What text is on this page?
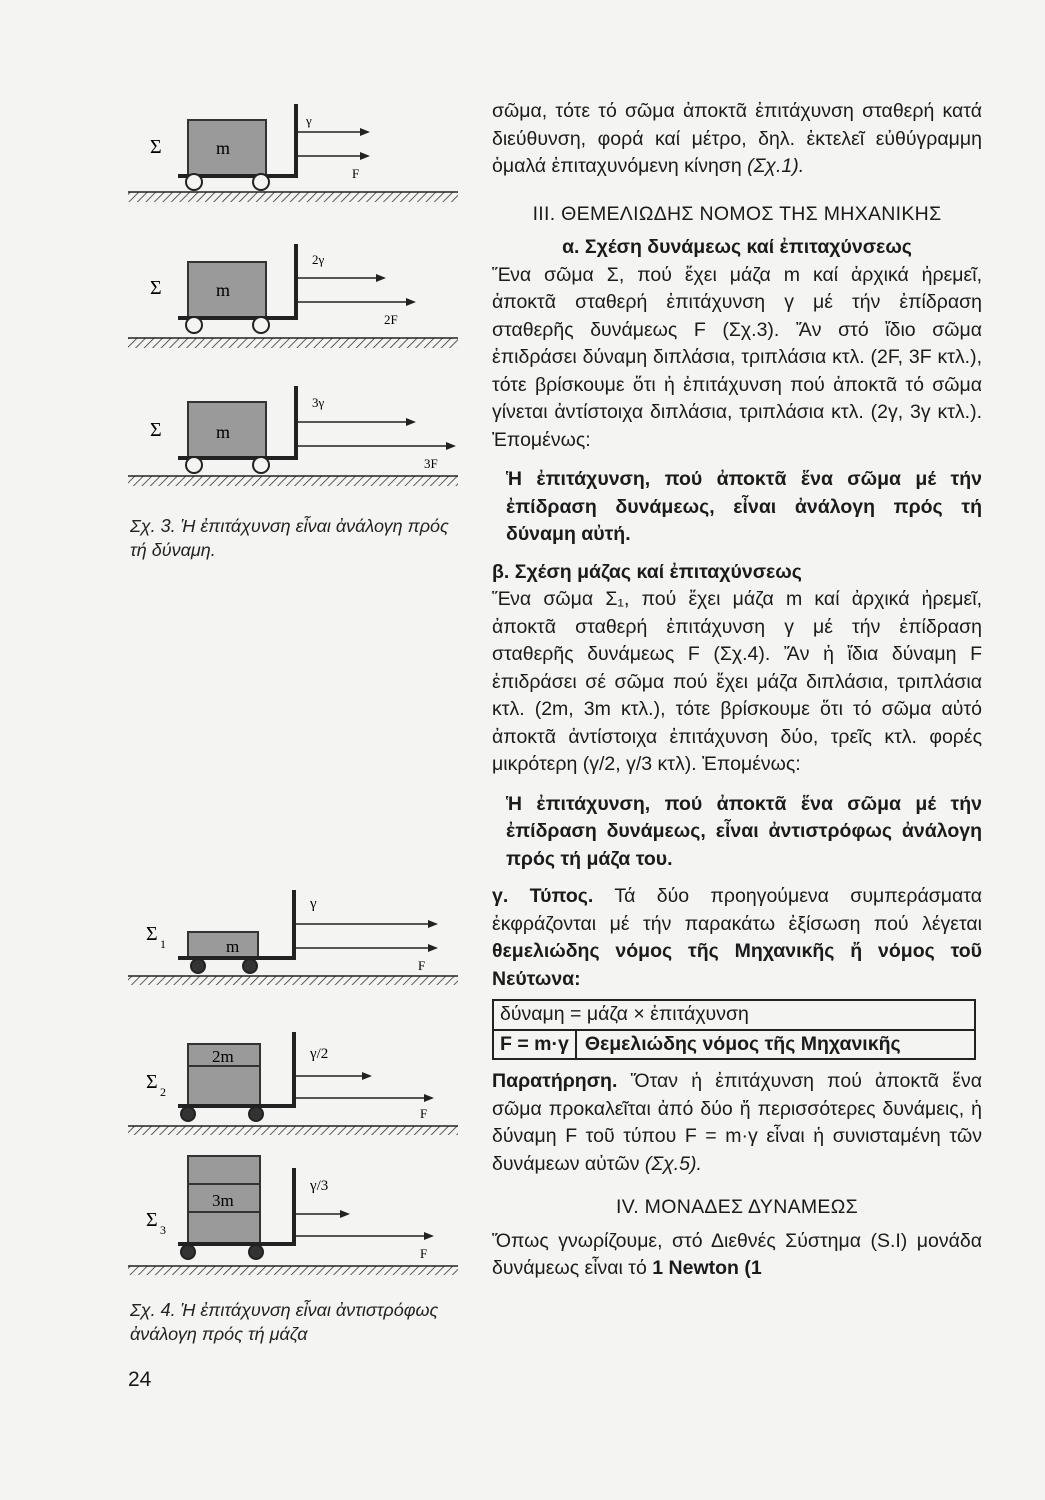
Σ	m
γ
F
Σ	m
2γ
2F
Σ	m
3γ
3F
Σχ. 3. Ἡ ἐπιτάχυνση εἶναι ἀνάλογη πρός τή δύναμη.
Σ 1	m
γ
F
Σ 2
2m	γ/2
F
Σ 3
3m
γ/3
F
Σχ. 4. Ἡ ἐπιτάχυνση εἶναι ἀντιστρόφως ἀνάλογη πρός τή μάζα

σῶμα, τότε τό σῶμα ἀποκτᾶ ἐπιτάχυνση σταθερή κατά διεύθυνση, φορά καί μέτρο, δηλ. ἐκτελεῖ εὐθύγραμμη ὁμαλά ἐπιταχυνόμενη κίνηση (Σχ.1).

ΙΙΙ. ΘΕΜΕΛΙΩΔΗΣ ΝΟΜΟΣ ΤΗΣ ΜΗΧΑΝΙΚΗΣ
α. Σχέση δυνάμεως καί ἐπιταχύνσεως

Ἕνα σῶμα Σ, πού ἔχει μάζα m καί ἀρχικά ἠρεμεῖ, ἀποκτᾶ σταθερή ἐπιτάχυνση γ μέ τήν ἐπίδραση σταθερῆς δυνάμεως F (Σχ.3). Ἄν στό ἴδιο σῶμα ἐπιδράσει δύναμη διπλάσια, τριπλάσια κτλ. (2F, 3F κτλ.), τότε βρίσκουμε ὅτι ἡ ἐπιτάχυνση πού ἀποκτᾶ τό σῶμα γίνεται ἀντίστοιχα διπλάσια, τριπλάσια κτλ. (2γ, 3γ κτλ.). Ἐπομένως:

Ἡ ἐπιτάχυνση, πού ἀποκτᾶ ἕνα σῶμα μέ τήν ἐπίδραση δυνάμεως, εἶναι ἀνάλογη πρός τή δύναμη αὐτή.

β. Σχέση μάζας καί ἐπιταχύνσεως

Ἕνα σῶμα Σ₁, πού ἔχει μάζα m καί ἀρχικά ἠρεμεῖ, ἀποκτᾶ σταθερή ἐπιτάχυνση γ μέ τήν ἐπίδραση σταθερῆς δυνάμεως F (Σχ.4). Ἄν ἡ ἴδια δύναμη F ἐπιδράσει σέ σῶμα πού ἔχει μάζα διπλάσια, τριπλάσια κτλ. (2m, 3m κτλ.), τότε βρίσκουμε ὅτι τό σῶμα αὐτό ἀποκτᾶ ἀντίστοιχα ἐπιτάχυνση δύο, τρεῖς κτλ. φορές μικρότερη (γ/2, γ/3 κτλ). Ἐπομένως:

Ἡ ἐπιτάχυνση, πού ἀποκτᾶ ἕνα σῶμα μέ τήν ἐπίδραση δυνάμεως, εἶναι ἀντιστρόφως ἀνάλογη πρός τή μάζα του.

γ. Τύπος. Τά δύο προηγούμενα συμπεράσματα ἐκφράζονται μέ τήν παρακάτω ἐξίσωση πού λέγεται θεμελιώδης νόμος τῆς Μηχανικῆς ἤ νόμος τοῦ Νεύτωνα:

δύναμη = μάζα × ἐπιτάχυνση
F = m·γ Θεμελιώδης νόμος τῆς Μηχανικῆς

Παρατήρηση. Ὅταν ἡ ἐπιτάχυνση πού ἀποκτᾶ ἕνα σῶμα προκαλεῖται ἀπό δύο ἤ περισσότερες δυνάμεις, ἡ δύναμη F τοῦ τύπου F = m·γ εἶναι ἡ συνισταμένη τῶν δυνάμεων αὐτῶν (Σχ.5).

IV. ΜΟΝΑΔΕΣ ΔΥΝΑΜΕΩΣ

Ὅπως γνωρίζουμε, στό Διεθνές Σύστημα (S.I) μονάδα δυνάμεως εἶναι τό 1 Newton (1

24
